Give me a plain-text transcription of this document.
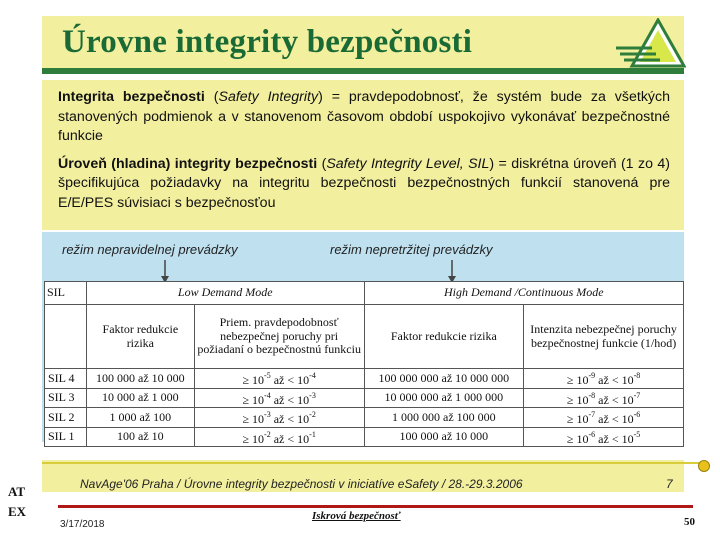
Úrovne integrity bezpečnosti

Integrita bezpečnosti (Safety Integrity) = pravdepodobnosť, že systém bude za všetkých stanovených podmienok a v stanovenom časovom období uspokojivo vykonávať bezpečnostné funkcie

Úroveň (hladina) integrity bezpečnosti (Safety Integrity Level, SIL) = diskrétna úroveň (1 zo 4) špecifikujúca požiadavky na integritu bezpečnosti bezpečnostných funkcií stanovená pre E/E/PES súvisiaci s bezpečnosťou

režim nepravidelnej prevádzky	režim nepretržitej prevádzky
SIL	Low Demand Mode		High Demand /Continuous Mode	
	Faktor redukcie rizika	Priem. pravdepodobnosť nebezpečnej poruchy pri požiadaní o bezpečnostnú funkciu	Faktor redukcie rizika	Intenzita nebezpečnej poruchy bezpečnostnej funkcie (1/hod)
SIL 4	100 000 až 10 000	≥ $10^{-5}$ až < $10^{-4}$	100 000 000 až 10 000 000	≥ $10^{-9}$ až < $10^{-8}$
SIL 3	10 000 až 1 000	≥ $10^{-4}$ až < $10^{-3}$	10 000 000 až 1 000 000	≥ $10^{-8}$ až < $10^{-7}$
SIL 2	1 000 až 100	≥ $10^{-3}$ až < $10^{-2}$	1 000 000 až 100 000	≥ $10^{-7}$ až < $10^{-6}$
SIL 1	100 až 10	≥ $10^{-2}$ až < $10^{-1}$	100 000 až 10 000	≥ $10^{-6}$ až < $10^{-5}$
NavAge'06 Praha / Úrovne integrity bezpečnosti v iniciatíve eSafety / 28.-29.3.2006	7
AT
EX
3/17/2018
Iskrová bezpečnosť	50
